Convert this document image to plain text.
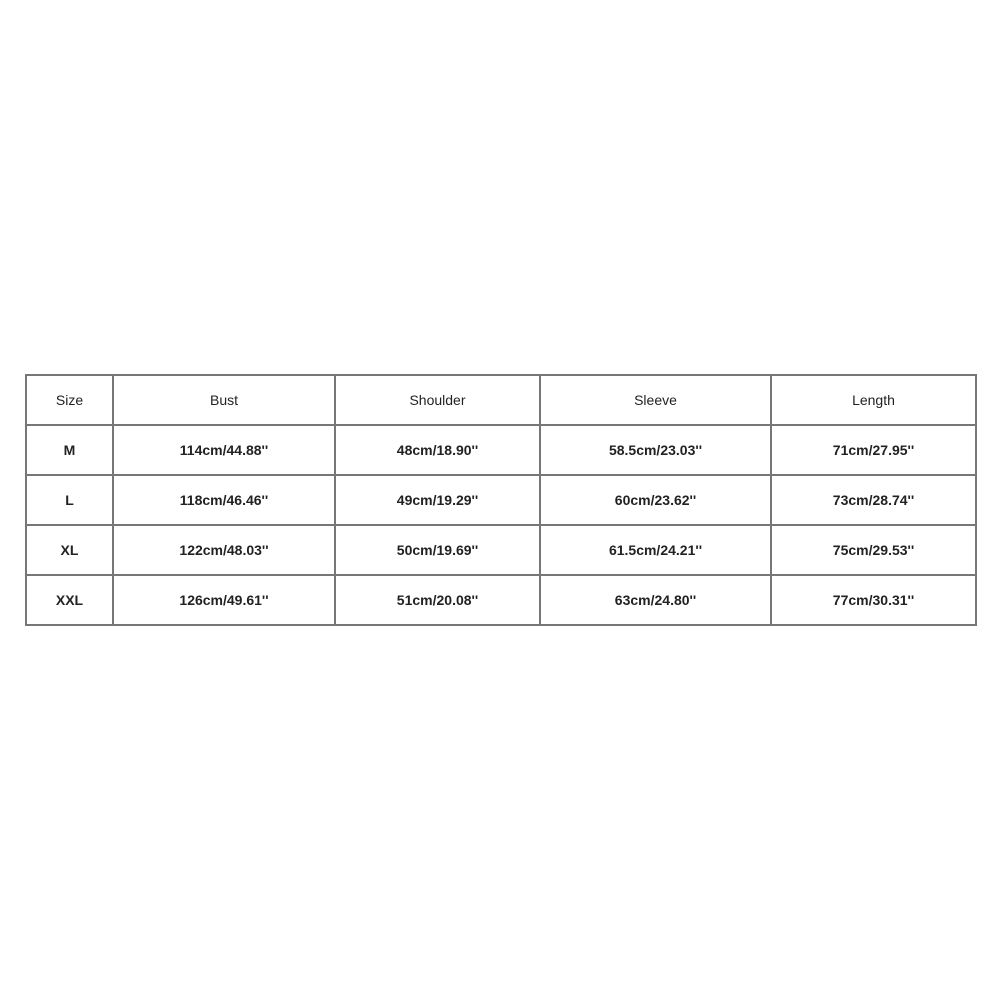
Size	Bust	Shoulder	Sleeve	Length
M	114cm/44.88''	48cm/18.90''	58.5cm/23.03''	71cm/27.95''
L	118cm/46.46''	49cm/19.29''	60cm/23.62''	73cm/28.74''
XL	122cm/48.03''	50cm/19.69''	61.5cm/24.21''	75cm/29.53''
XXL	126cm/49.61''	51cm/20.08''	63cm/24.80''	77cm/30.31''
